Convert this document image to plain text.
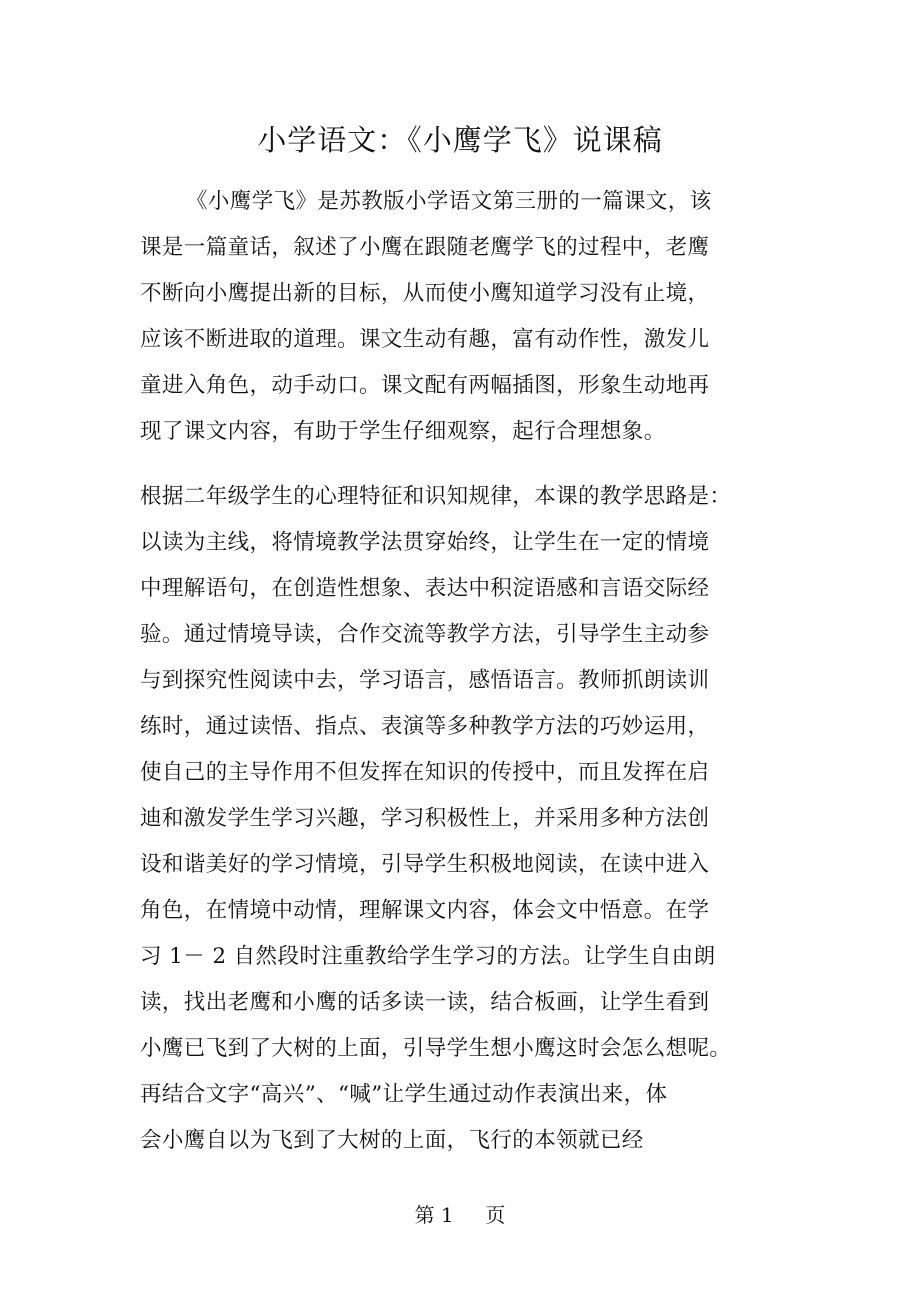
小学语文：《小鹰学飞》说课稿
《小鹰学飞》是苏教版小学语文第三册的一篇课文，该
课是一篇童话，叙述了小鹰在跟随老鹰学飞的过程中，老鹰
不断向小鹰提出新的目标，从而使小鹰知道学习没有止境，
应该不断进取的道理。课文生动有趣，富有动作性，激发儿
童进入角色，动手动口。课文配有两幅插图，形象生动地再
现了课文内容，有助于学生仔细观察，起行合理想象。
根据二年级学生的心理特征和识知规律，本课的教学思路是：
以读为主线，将情境教学法贯穿始终，让学生在一定的情境
中理解语句，在创造性想象、表达中积淀语感和言语交际经
验。通过情境导读，合作交流等教学方法，引导学生主动参
与到探究性阅读中去，学习语言，感悟语言。教师抓朗读训
练时，通过读悟、指点、表演等多种教学方法的巧妙运用，
使自己的主导作用不但发挥在知识的传授中，而且发挥在启
迪和激发学生学习兴趣，学习积极性上，并采用多种方法创
设和谐美好的学习情境，引导学生积极地阅读，在读中进入
角色，在情境中动情，理解课文内容，体会文中悟意。在学
习 1－ 2 自然段时注重教给学生学习的方法。让学生自由朗
读，找出老鹰和小鹰的话多读一读，结合板画，让学生看到
小鹰已飞到了大树的上面，引导学生想小鹰这时会怎么想呢。
再结合文字“高兴”、“喊”让学生通过动作表演出来，体
会小鹰自以为飞到了大树的上面，飞行的本领就已经
第 1     页
